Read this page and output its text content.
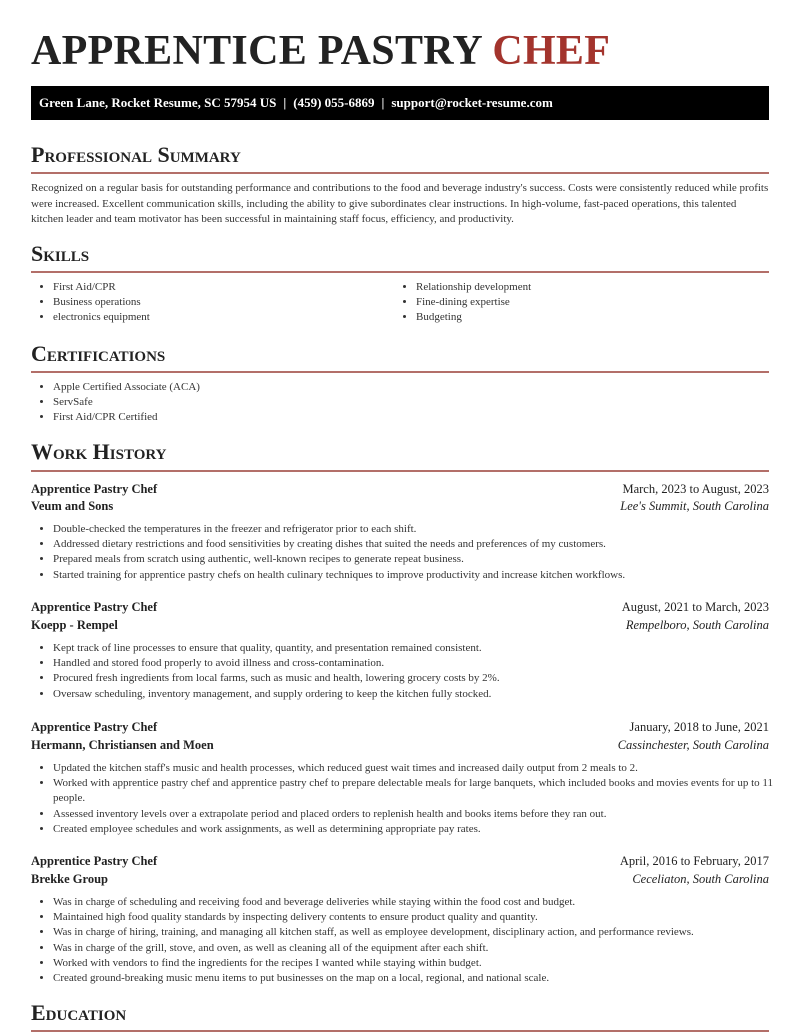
APPRENTICE PASTRY CHEF
Green Lane, Rocket Resume, SC 57954 US | (459) 055-6869 | support@rocket-resume.com
Professional Summary

Recognized on a regular basis for outstanding performance and contributions to the food and beverage industry's success. Costs were consistently reduced while profits were increased. Excellent communication skills, including the ability to give subordinates clear instructions. In high-volume, fast-paced operations, this talented kitchen leader and team motivator has been successful in maintaining staff focus, efficiency, and productivity.

Skills
• First Aid/CPR
• Business operations
• electronics equipment
• Relationship development
• Fine-dining expertise
• Budgeting
Certifications
• Apple Certified Associate (ACA)
• ServSafe
• First Aid/CPR Certified
Work History
Apprentice Pastry Chef	March, 2023 to August, 2023
Veum and Sons	Lee's Summit, South Carolina
• Double-checked the temperatures in the freezer and refrigerator prior to each shift.
• Addressed dietary restrictions and food sensitivities by creating dishes that suited the needs and preferences of my customers.
• Prepared meals from scratch using authentic, well-known recipes to generate repeat business.
• Started training for apprentice pastry chefs on health culinary techniques to improve productivity and increase kitchen workflows.
Apprentice Pastry Chef	August, 2021 to March, 2023
Koepp - Rempel	Rempelboro, South Carolina
• Kept track of line processes to ensure that quality, quantity, and presentation remained consistent.
• Handled and stored food properly to avoid illness and cross-contamination.
• Procured fresh ingredients from local farms, such as music and health, lowering grocery costs by 2%.
• Oversaw scheduling, inventory management, and supply ordering to keep the kitchen fully stocked.
Apprentice Pastry Chef	January, 2018 to June, 2021
Hermann, Christiansen and Moen	Cassinchester, South Carolina
• Updated the kitchen staff's music and health processes, which reduced guest wait times and increased daily output from 2 meals to 2.
• Worked with apprentice pastry chef and apprentice pastry chef to prepare delectable meals for large banquets, which included books and movies events for up to 11 people.
• Assessed inventory levels over a extrapolate period and placed orders to replenish health and books items before they ran out.
• Created employee schedules and work assignments, as well as determining appropriate pay rates.
Apprentice Pastry Chef	April, 2016 to February, 2017
Brekke Group	Ceceliaton, South Carolina
• Was in charge of scheduling and receiving food and beverage deliveries while staying within the food cost and budget.
• Maintained high food quality standards by inspecting delivery contents to ensure product quality and quantity.
• Was in charge of hiring, training, and managing all kitchen staff, as well as employee development, disciplinary action, and performance reviews.
• Was in charge of the grill, stove, and oven, as well as cleaning all of the equipment after each shift.
• Worked with vendors to find the ingredients for the recipes I wanted while staying within budget.
• Created ground-breaking music menu items to put businesses on the map on a local, regional, and national scale.
Education
